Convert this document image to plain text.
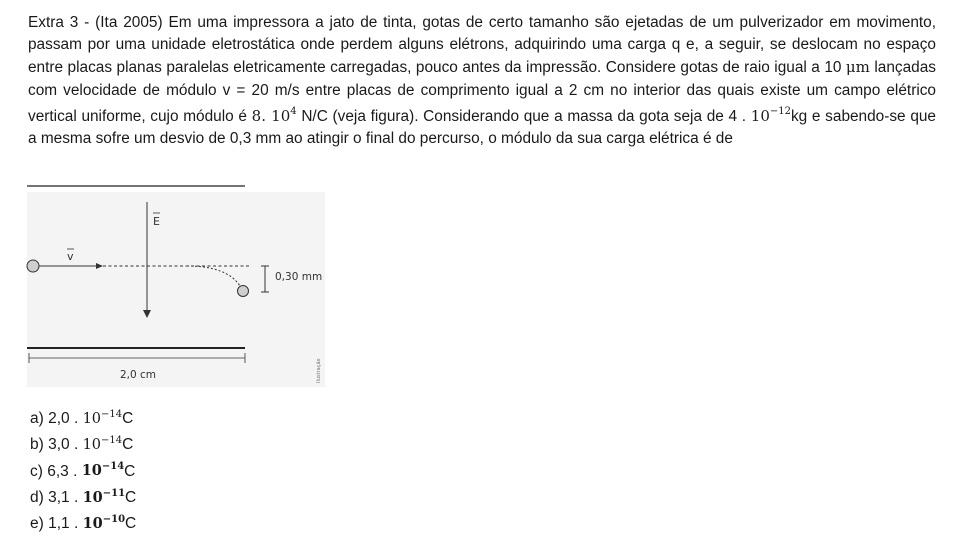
Extra 3 - (Ita 2005) Em uma impressora a jato de tinta, gotas de certo tamanho são ejetadas de um pulverizador em movimento, passam por uma unidade eletrostática onde perdem alguns elétrons, adquirindo uma carga q e, a seguir, se deslocam no espaço entre placas planas paralelas eletricamente carregadas, pouco antes da impressão. Considere gotas de raio igual a 10 μm lançadas com velocidade de módulo v = 20 m/s entre placas de comprimento igual a 2 cm no interior das quais existe um campo elétrico vertical uniforme, cujo módulo é 8. $10^4$ N/C (veja figura). Considerando que a massa da gota seja de 4 . $10^{-12}kg$ e sabendo-se que a mesma sofre um desvio de 0,3 mm ao atingir o final do percurso, o módulo da sua carga elétrica é de

E
v
0,30 mm
2,0 cm	Ilustração
a) 2,0 . $10^{-14}C$
b) 3,0 . $10^{-14}C$
c) 6,3 . $10^{-14}C$
d) 3,1 . $10^{-11}C$
e) 1,1 . $10^{-10}C$
